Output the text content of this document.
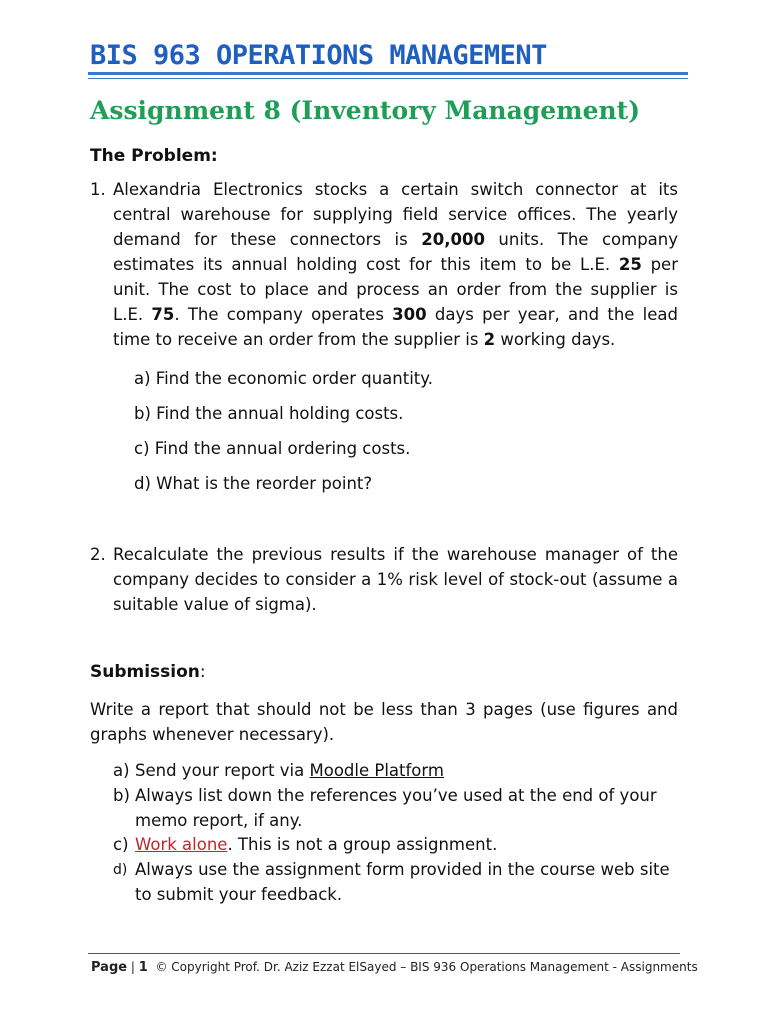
BIS 963 OPERATIONS MANAGEMENT
Assignment 8 (Inventory Management)
The Problem:
1. Alexandria Electronics stocks a certain switch connector at its central warehouse for supplying field service offices. The yearly demand for these connectors is 20,000 units. The company estimates its annual holding cost for this item to be L.E. 25 per unit. The cost to place and process an order from the supplier is L.E. 75. The company operates 300 days per year, and the lead time to receive an order from the supplier is 2 working days.
a) Find the economic order quantity.
b) Find the annual holding costs.
c) Find the annual ordering costs.
d) What is the reorder point?
2. Recalculate the previous results if the warehouse manager of the company decides to consider a 1% risk level of stock-out (assume a suitable value of sigma).
Submission:
Write a report that should not be less than 3 pages (use figures and graphs whenever necessary).
a) Send your report via Moodle Platform
b) Always list down the references you’ve used at the end of your memo report, if any.
c) Work alone. This is not a group assignment.
d) Always use the assignment form provided in the course web site to submit your feedback.
Page | 1 © Copyright Prof. Dr. Aziz Ezzat ElSayed – BIS 936 Operations Management - Assignments
